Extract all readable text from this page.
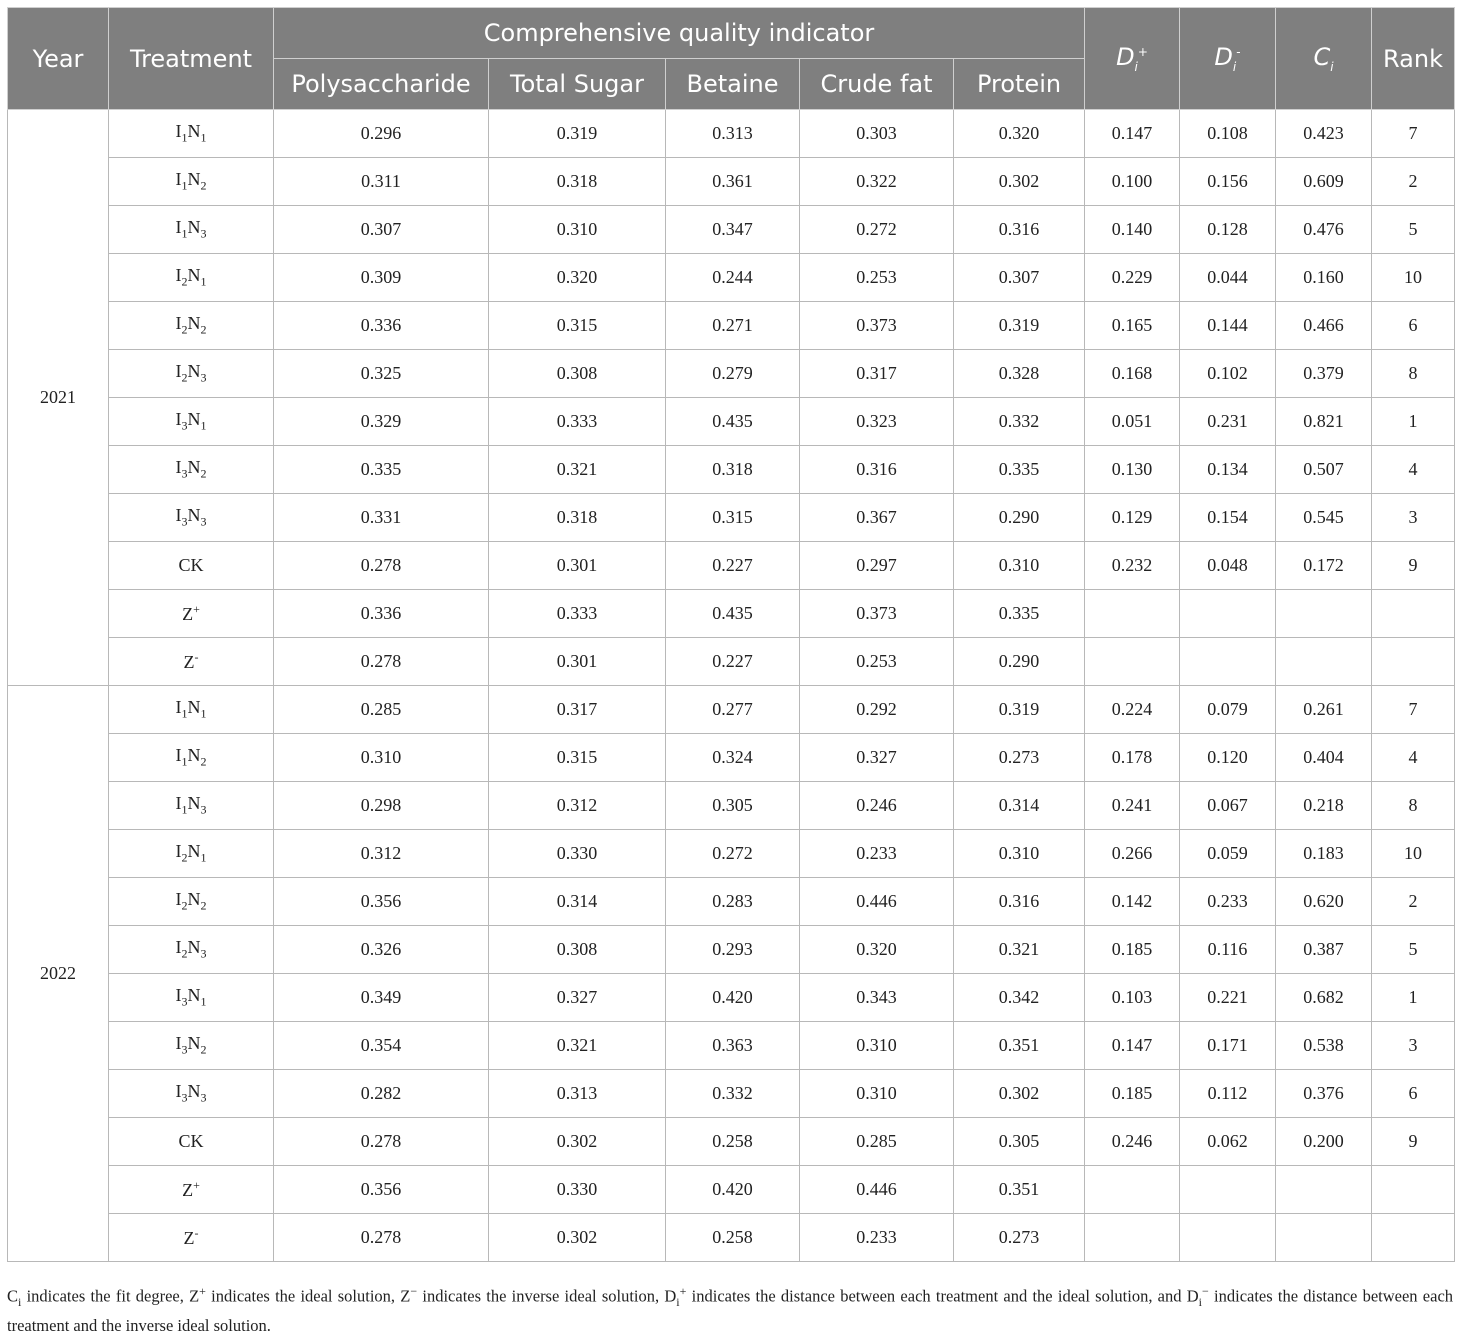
Year	Treatment	Comprehensive quality indicator					$D_i^+$	$D_i^-$	$C_i$	Rank
		Polysaccharide	Total Sugar	Betaine	Crude fat	Protein				
2021	$I_1N_1$	0.296	0.319	0.313	0.303	0.320	0.147	0.108	0.423	7
	$I_1N_2$	0.311	0.318	0.361	0.322	0.302	0.100	0.156	0.609	2
	$I_1N_3$	0.307	0.310	0.347	0.272	0.316	0.140	0.128	0.476	5
	$I_2N_1$	0.309	0.320	0.244	0.253	0.307	0.229	0.044	0.160	10
	$I_2N_2$	0.336	0.315	0.271	0.373	0.319	0.165	0.144	0.466	6
	$I_2N_3$	0.325	0.308	0.279	0.317	0.328	0.168	0.102	0.379	8
	$I_3N_1$	0.329	0.333	0.435	0.323	0.332	0.051	0.231	0.821	1
	$I_3N_2$	0.335	0.321	0.318	0.316	0.335	0.130	0.134	0.507	4
	$I_3N_3$	0.331	0.318	0.315	0.367	0.290	0.129	0.154	0.545	3
	CK	0.278	0.301	0.227	0.297	0.310	0.232	0.048	0.172	9
	Z+	0.336	0.333	0.435	0.373	0.335				
	Z-	0.278	0.301	0.227	0.253	0.290				
2022	$I_1N_1$	0.285	0.317	0.277	0.292	0.319	0.224	0.079	0.261	7
	$I_1N_2$	0.310	0.315	0.324	0.327	0.273	0.178	0.120	0.404	4
	$I_1N_3$	0.298	0.312	0.305	0.246	0.314	0.241	0.067	0.218	8
	$I_2N_1$	0.312	0.330	0.272	0.233	0.310	0.266	0.059	0.183	10
	$I_2N_2$	0.356	0.314	0.283	0.446	0.316	0.142	0.233	0.620	2
	$I_2N_3$	0.326	0.308	0.293	0.320	0.321	0.185	0.116	0.387	5
	$I_3N_1$	0.349	0.327	0.420	0.343	0.342	0.103	0.221	0.682	1
	$I_3N_2$	0.354	0.321	0.363	0.310	0.351	0.147	0.171	0.538	3
	$I_3N_3$	0.282	0.313	0.332	0.310	0.302	0.185	0.112	0.376	6
	CK	0.278	0.302	0.258	0.285	0.305	0.246	0.062	0.200	9
	Z+	0.356	0.330	0.420	0.446	0.351				
	Z-	0.278	0.302	0.258	0.233	0.273				
$C_i$ indicates the fit degree, Z+ indicates the ideal solution, Z− indicates the inverse ideal solution, $D_i^+$ indicates the distance between each treatment and the ideal solution, and $D_i^-$ indicates the distance between each treatment and the inverse ideal solution.
